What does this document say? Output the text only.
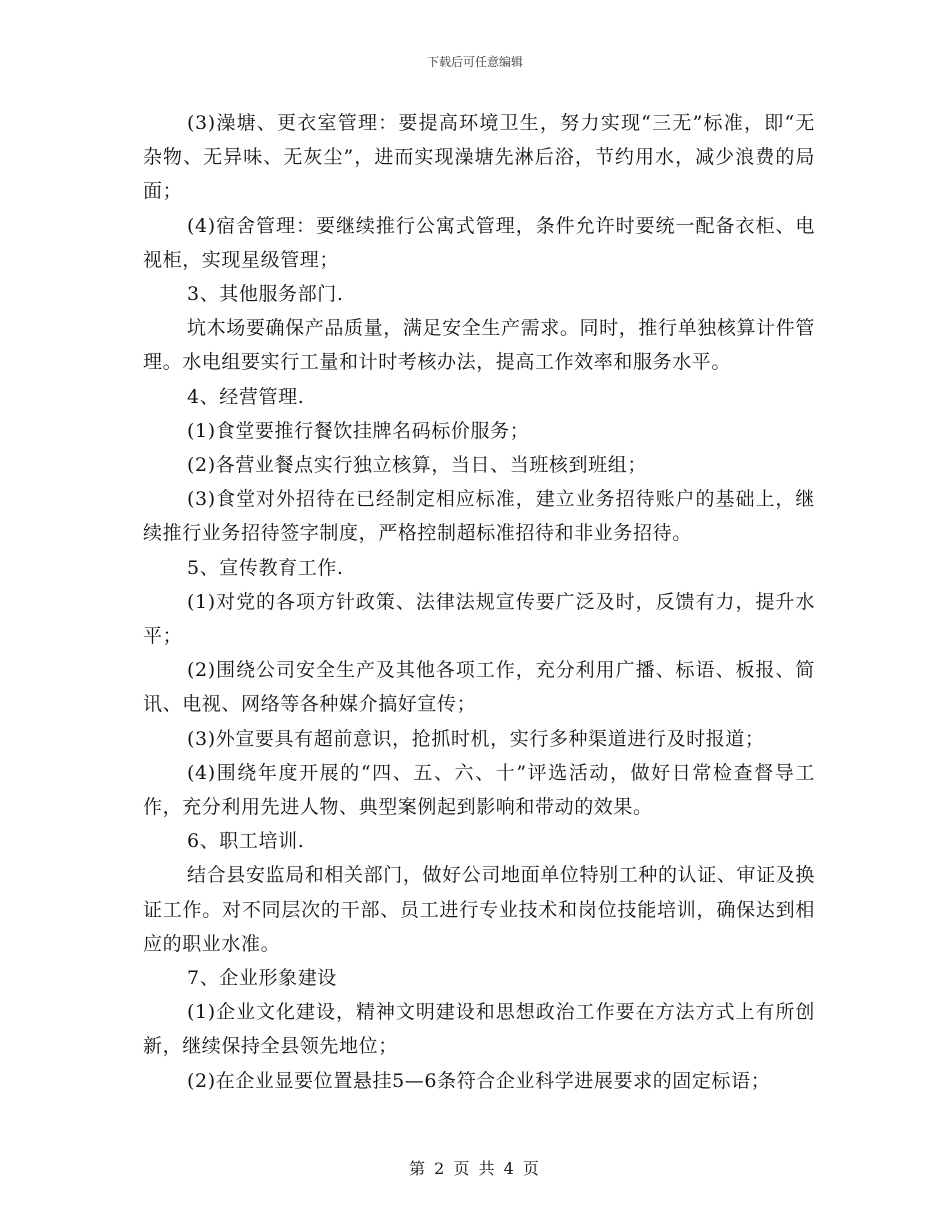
下载后可任意编辑

(3)澡塘、更衣室管理：要提高环境卫生，努力实现“三无”标准，即“无杂物、无异味、无灰尘”，进而实现澡塘先淋后浴，节约用水，减少浪费的局面；

(4)宿舍管理：要继续推行公寓式管理，条件允许时要统一配备衣柜、电视柜，实现星级管理；

3、其他服务部门.

坑木场要确保产品质量，满足安全生产需求。同时，推行单独核算计件管理。水电组要实行工量和计时考核办法，提高工作效率和服务水平。

4、经营管理.

(1)食堂要推行餐饮挂牌名码标价服务；

(2)各营业餐点实行独立核算，当日、当班核到班组；

(3)食堂对外招待在已经制定相应标准，建立业务招待账户的基础上，继续推行业务招待签字制度，严格控制超标准招待和非业务招待。

5、宣传教育工作.

(1)对党的各项方针政策、法律法规宣传要广泛及时，反馈有力，提升水平；

(2)围绕公司安全生产及其他各项工作，充分利用广播、标语、板报、简讯、电视、网络等各种媒介搞好宣传；

(3)外宣要具有超前意识，抢抓时机，实行多种渠道进行及时报道；

(4)围绕年度开展的“四、五、六、十”评选活动，做好日常检查督导工作，充分利用先进人物、典型案例起到影响和带动的效果。

6、职工培训.

结合县安监局和相关部门，做好公司地面单位特别工种的认证、审证及换证工作。对不同层次的干部、员工进行专业技术和岗位技能培训，确保达到相应的职业水准。

7、企业形象建设

(1)企业文化建设，精神文明建设和思想政治工作要在方法方式上有所创新，继续保持全县领先地位；

(2)在企业显要位置悬挂5—6条符合企业科学进展要求的固定标语；

第 2 页 共 4 页
